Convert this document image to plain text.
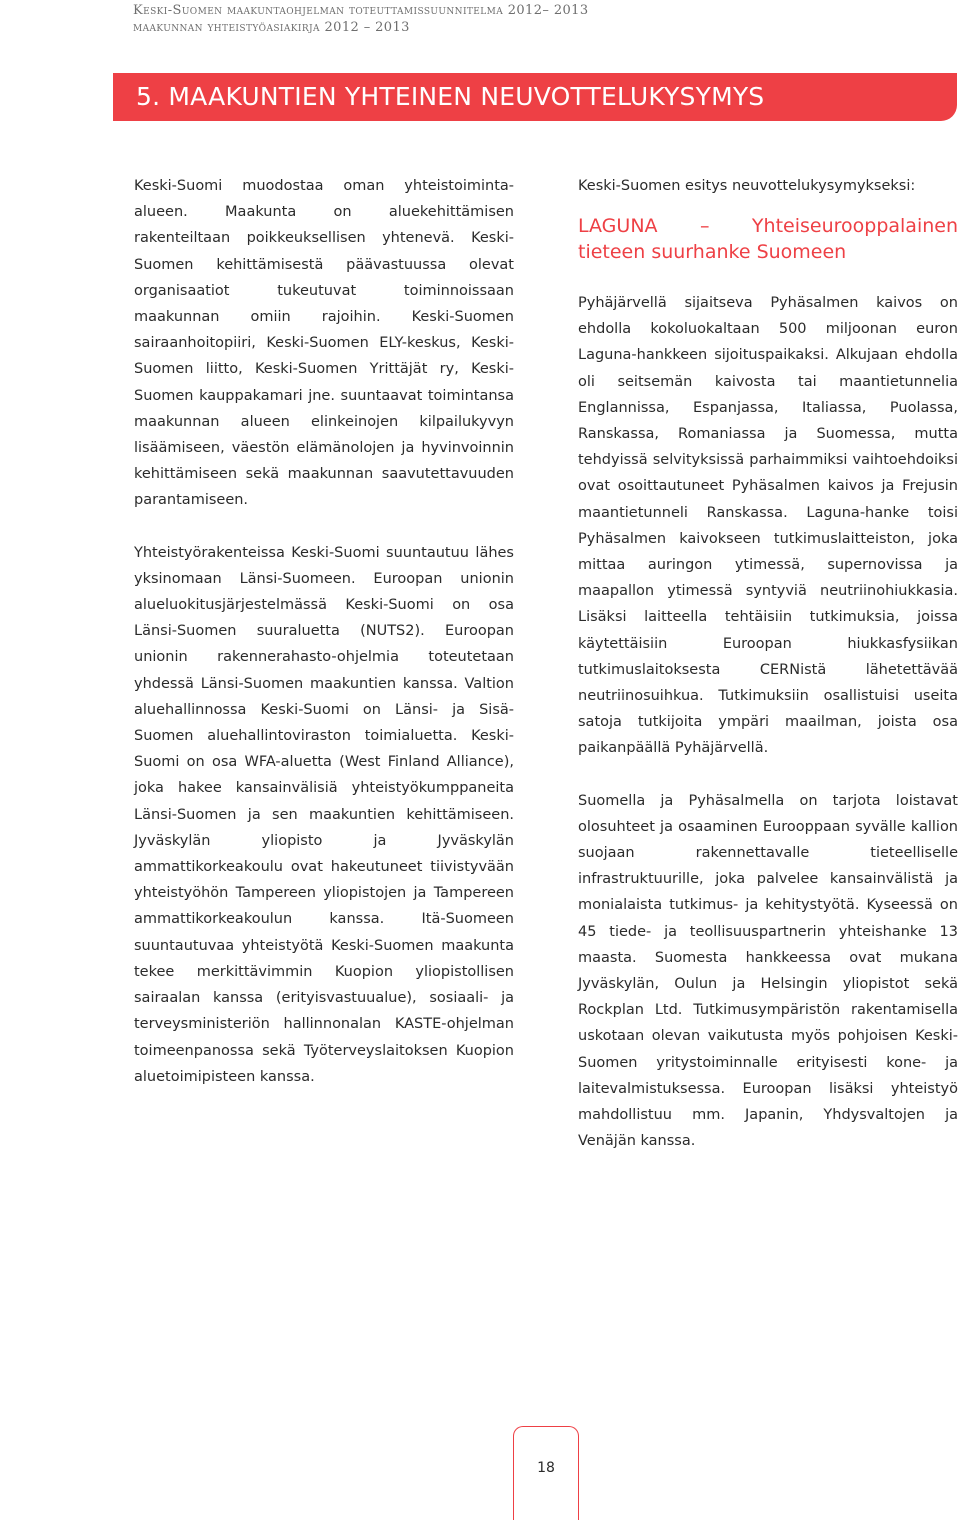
Keski-Suomen maakuntaohjelman toteuttamissuunnitelma 2012– 2013
maakunnan yhteistyöasiakirja 2012 – 2013
5. MAAKUNTIEN YHTEINEN NEUVOTTELUKYSYMYS

Keski-Suomi muodostaa oman yhteistoiminta-alueen. Maakunta on aluekehittämisen rakenteiltaan poikkeuksellisen yhtenevä. Keski-Suomen kehittämisestä päävastuussa olevat organisaatiot tukeutuvat toiminnoissaan maakunnan omiin rajoihin. Keski-Suomen sairaanhoitopiiri, Keski-Suomen ELY-keskus, Keski-Suomen liitto, Keski-Suomen Yrittäjät ry, Keski-Suomen kauppakamari jne. suuntaavat toimintansa maakunnan alueen elinkeinojen kilpailukyvyn lisäämiseen, väestön elämänolojen ja hyvinvoinnin kehittämiseen sekä maakunnan saavutettavuuden parantamiseen.

Yhteistyörakenteissa Keski-Suomi suuntautuu lähes yksinomaan Länsi-Suomeen. Euroopan unionin alueluokitusjärjestelmässä Keski-Suomi on osa Länsi-Suomen suuraluetta (NUTS2). Euroopan unionin rakennerahasto-ohjelmia toteutetaan yhdessä Länsi-Suomen maakuntien kanssa. Valtion aluehallinnossa Keski-Suomi on Länsi- ja Sisä-Suomen aluehallintoviraston toimialuetta. Keski-Suomi on osa WFA-aluetta (West Finland Alliance), joka hakee kansainvälisiä yhteistyökumppaneita Länsi-Suomen ja sen maakuntien kehittämiseen. Jyväskylän yliopisto ja Jyväskylän ammattikorkeakoulu ovat hakeutuneet tiivistyvään yhteistyöhön Tampereen yliopistojen ja Tampereen ammattikorkeakoulun kanssa. Itä-Suomeen suuntautuvaa yhteistyötä Keski-Suomen maakunta tekee merkittävimmin Kuopion yliopistollisen sairaalan kanssa (erityisvastuualue), sosiaali- ja terveysministeriön hallinnonalan KASTE-ohjelman toimeenpanossa sekä Työterveyslaitoksen Kuopion aluetoimipisteen kanssa.

Keski-Suomen esitys neuvottelukysymykseksi:
LAGUNA – Yhteiseurooppalainen tieteen suurhanke Suomeen

Pyhäjärvellä sijaitseva Pyhäsalmen kaivos on ehdolla kokoluokaltaan 500 miljoonan euron Laguna-hankkeen sijoituspaikaksi. Alkujaan ehdolla oli seitsemän kaivosta tai maantietunnelia Englannissa, Espanjassa, Italiassa, Puolassa, Ranskassa, Romaniassa ja Suomessa, mutta tehdyissä selvityksissä parhaimmiksi vaihtoehdoiksi ovat osoittautuneet Pyhäsalmen kaivos ja Frejusin maantietunneli Ranskassa. Laguna-hanke toisi Pyhäsalmen kaivokseen tutkimuslaitteiston, joka mittaa auringon ytimessä, supernovissa ja maapallon ytimessä syntyviä neutriinohiukkasia. Lisäksi laitteella tehtäisiin tutkimuksia, joissa käytettäisiin Euroopan hiukkasfysiikan tutkimuslaitoksesta CERNistä lähetettävää neutriinosuihkua. Tutkimuksiin osallistuisi useita satoja tutkijoita ympäri maailman, joista osa paikanpäällä Pyhäjärvellä.

Suomella ja Pyhäsalmella on tarjota loistavat olosuhteet ja osaaminen Eurooppaan syvälle kallion suojaan rakennettavalle tieteelliselle infrastruktuurille, joka palvelee kansainvälistä ja monialaista tutkimus- ja kehitystyötä. Kyseessä on 45 tiede- ja teollisuuspartnerin yhteishanke 13 maasta. Suomesta hankkeessa ovat mukana Jyväskylän, Oulun ja Helsingin yliopistot sekä Rockplan Ltd. Tutkimusympäristön rakentamisella uskotaan olevan vaikutusta myös pohjoisen Keski-Suomen yritystoiminnalle erityisesti kone- ja laitevalmistuksessa. Euroopan lisäksi yhteistyö mahdollistuu mm. Japanin, Yhdysvaltojen ja Venäjän kanssa.

18
